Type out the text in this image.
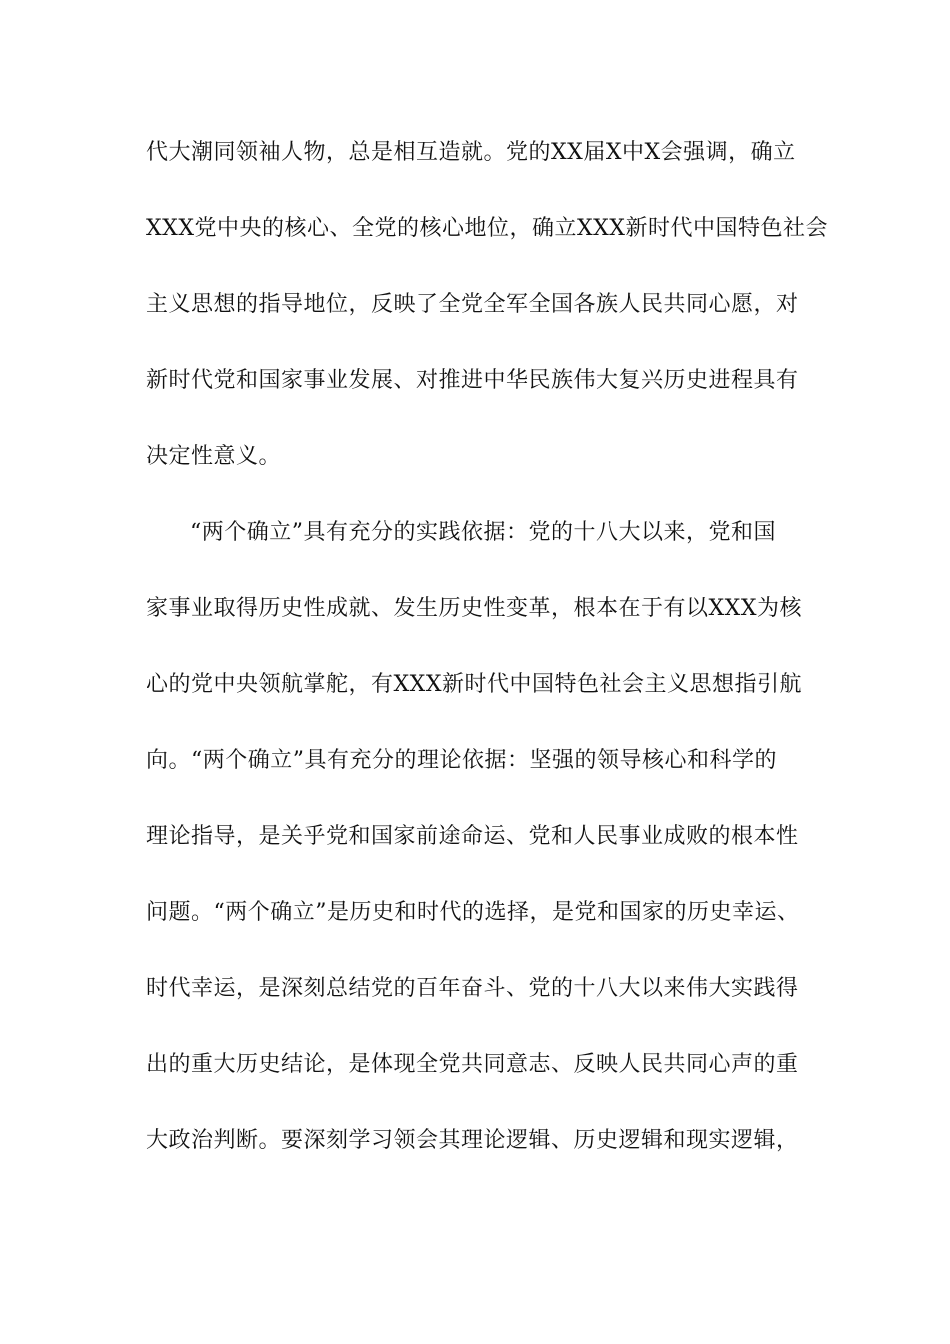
代大潮同领袖人物，总是相互造就。党的XX届X中X会强调，确立
XXX党中央的核心、全党的核心地位，确立XXX新时代中国特色社会
主义思想的指导地位，反映了全党全军全国各族人民共同心愿，对
新时代党和国家事业发展、对推进中华民族伟大复兴历史进程具有
决定性意义。
“两个确立”具有充分的实践依据：党的十八大以来，党和国
家事业取得历史性成就、发生历史性变革，根本在于有以XXX为核
心的党中央领航掌舵，有XXX新时代中国特色社会主义思想指引航
向。“两个确立”具有充分的理论依据：坚强的领导核心和科学的
理论指导，是关乎党和国家前途命运、党和人民事业成败的根本性
问题。“两个确立”是历史和时代的选择，是党和国家的历史幸运、
时代幸运，是深刻总结党的百年奋斗、党的十八大以来伟大实践得
出的重大历史结论，是体现全党共同意志、反映人民共同心声的重
大政治判断。要深刻学习领会其理论逻辑、历史逻辑和现实逻辑，
